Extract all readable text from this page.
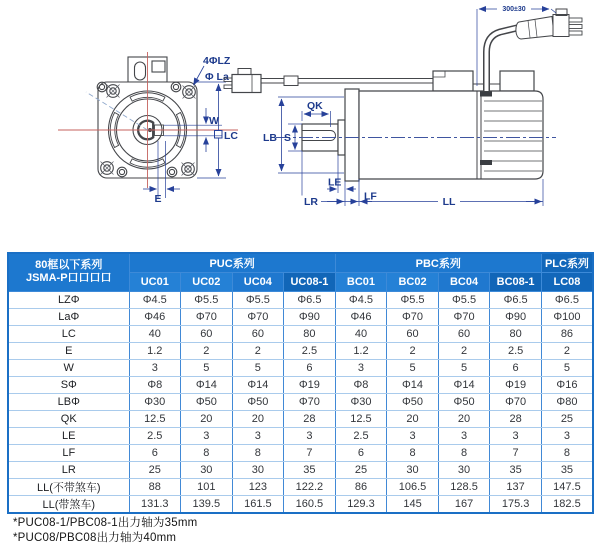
4ΦLZ
Φ La
W
LC
E
300±30
QK
LB S
LE
LR	LF	LL
80框以下系列
JSMA-P口口口口	PUC系列				PBC系列				PLC系列
	UC01	UC02	UC04	UC08-1	BC01	BC02	BC04	BC08-1	LC08
LZΦ	Φ4.5	Φ5.5	Φ5.5	Φ6.5	Φ4.5	Φ5.5	Φ5.5	Φ6.5	Φ6.5
LaΦ	Φ46	Φ70	Φ70	Φ90	Φ46	Φ70	Φ70	Φ90	Φ100
LC	40	60	60	80	40	60	60	80	86
E	1.2	2	2	2.5	1.2	2	2	2.5	2
W	3	5	5	6	3	5	5	6	5
SΦ	Φ8	Φ14	Φ14	Φ19	Φ8	Φ14	Φ14	Φ19	Φ16
LBΦ	Φ30	Φ50	Φ50	Φ70	Φ30	Φ50	Φ50	Φ70	Φ80
QK	12.5	20	20	28	12.5	20	20	28	25
LE	2.5	3	3	3	2.5	3	3	3	3
LF	6	8	8	7	6	8	8	7	8
LR	25	30	30	35	25	30	30	35	35
LL(不带煞车)	88	101	123	122.2	86	106.5	128.5	137	147.5
LL(带煞车)	131.3	139.5	161.5	160.5	129.3	145	167	175.3	182.5
*PUC08-1/PBC08-1出力轴为35mm
*PUC08/PBC08出力轴为40mm
